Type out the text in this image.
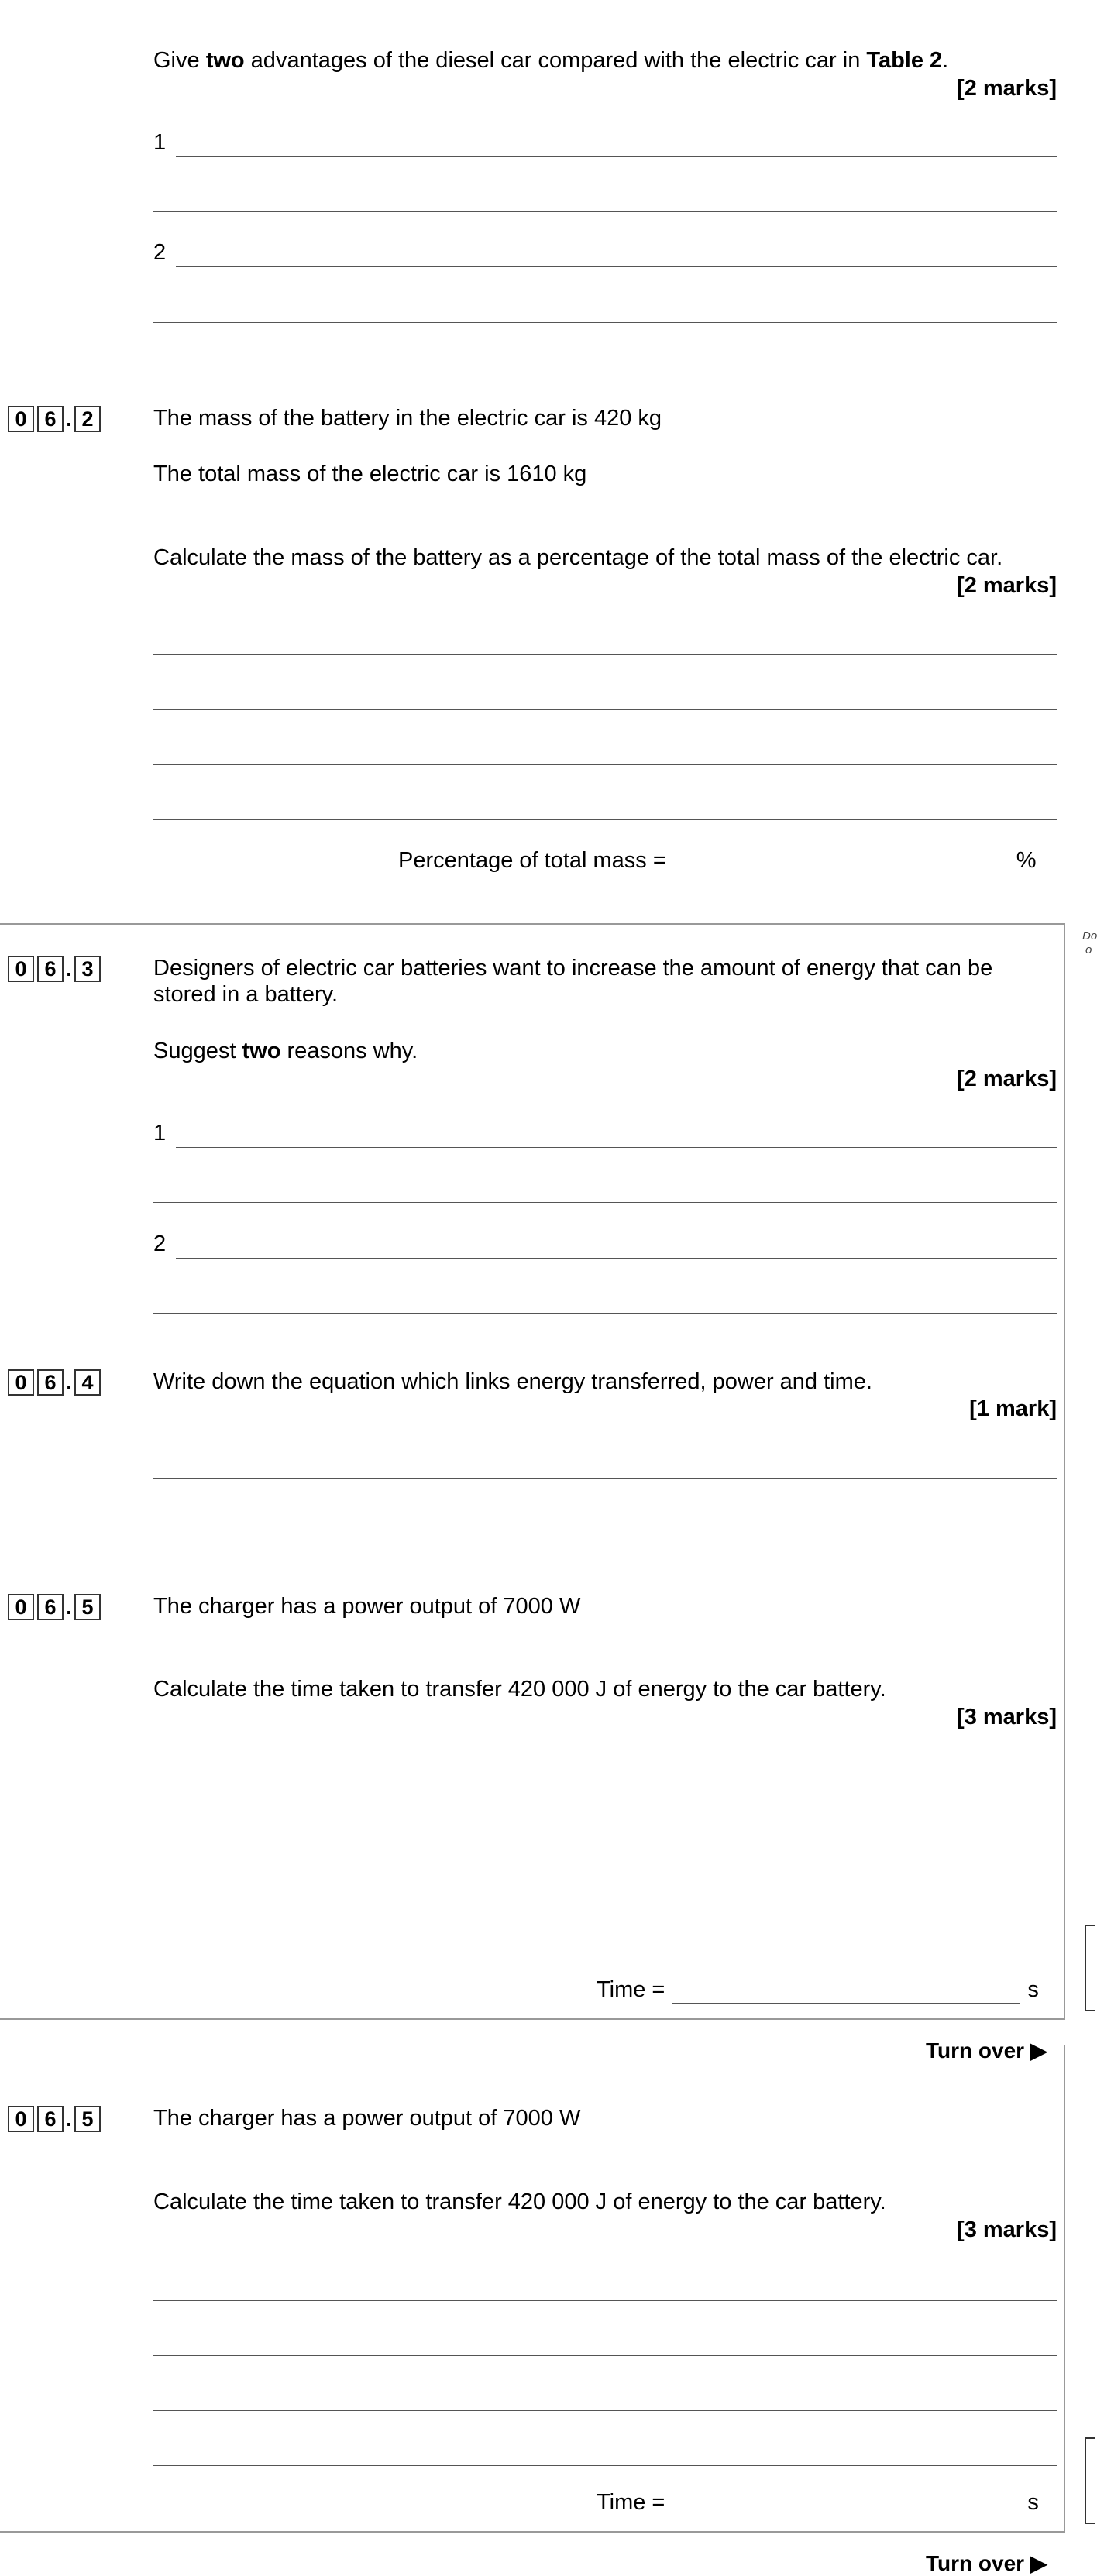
Give two advantages of the diesel car compared with the electric car in Table 2.
[2 marks]
1
2
0 6 . 2	The mass of the battery in the electric car is 420 kg
The total mass of the electric car is 1610 kg
Calculate the mass of the battery as a percentage of the total mass of the electric car.
[2 marks]
Percentage of total mass =	%
Do
o
0 6 . 3	Designers of electric car batteries want to increase the amount of energy that can be
stored in a battery.
Suggest two reasons why.
[2 marks]
1
2
0 6 . 4	Write down the equation which links energy transferred, power and time.
[1 mark]
0 6 . 5	The charger has a power output of 7000 W
Calculate the time taken to transfer 420 000 J of energy to the car battery.
[3 marks]
Time =	s
Turn over ▶
0 6 . 5	The charger has a power output of 7000 W
Calculate the time taken to transfer 420 000 J of energy to the car battery.
[3 marks]
Time =	s
Turn over ▶
